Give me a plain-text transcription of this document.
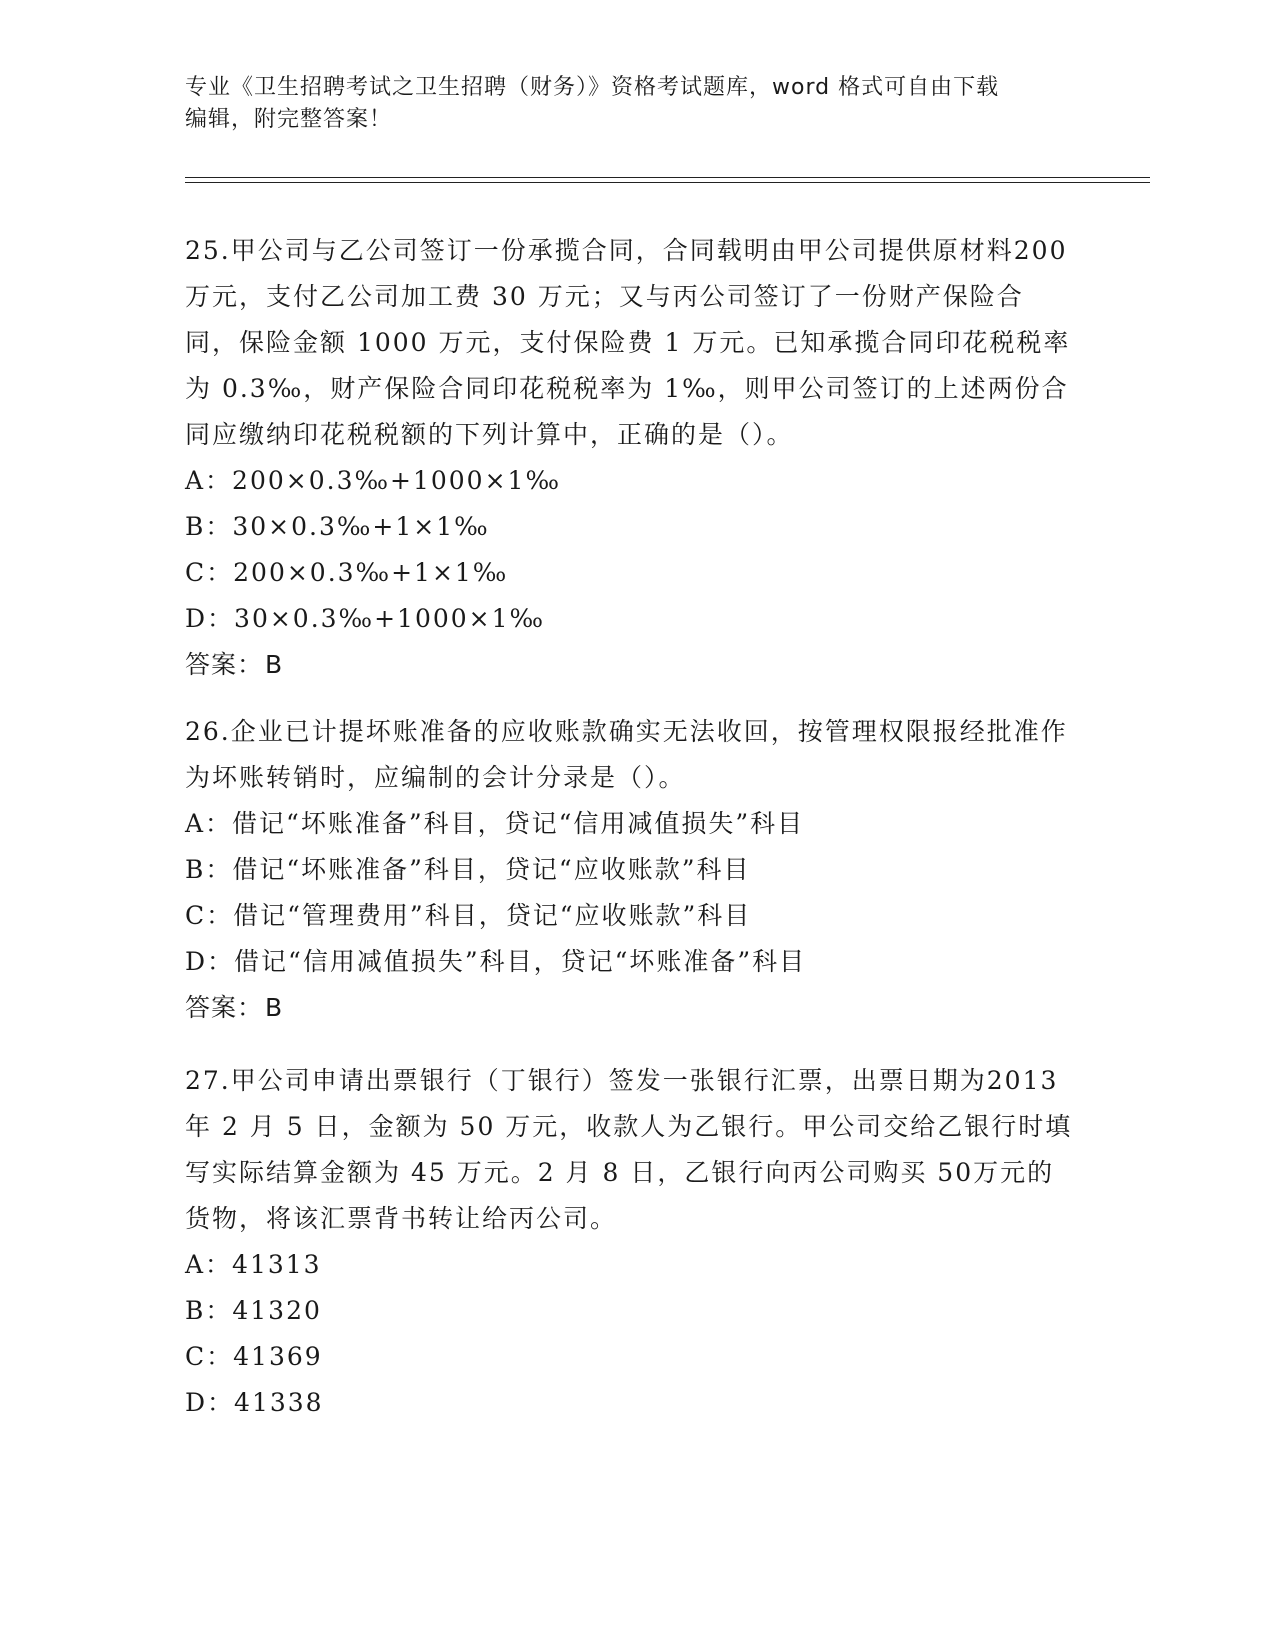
专业《卫生招聘考试之卫生招聘（财务）》资格考试题库，word 格式可自由下载
编辑，附完整答案！
25.甲公司与乙公司签订一份承揽合同，合同载明由甲公司提供原材料200 万元，支付乙公司加工费 30 万元；又与丙公司签订了一份财产保险合同，保险金额 1000 万元，支付保险费 1 万元。已知承揽合同印花税税率为 0.3‰，财产保险合同印花税税率为 1‰，则甲公司签订的上述两份合同应缴纳印花税税额的下列计算中，正确的是（）。
A：200×0.3‰+1000×1‰
B：30×0.3‰+1×1‰
C：200×0.3‰+1×1‰
D：30×0.3‰+1000×1‰
答案：B
26.企业已计提坏账准备的应收账款确实无法收回，按管理权限报经批准作为坏账转销时，应编制的会计分录是（）。
A：借记“坏账准备”科目，贷记“信用减值损失”科目
B：借记“坏账准备”科目，贷记“应收账款”科目
C：借记“管理费用”科目，贷记“应收账款”科目
D：借记“信用减值损失”科目，贷记“坏账准备”科目
答案：B
27.甲公司申请出票银行（丁银行）签发一张银行汇票，出票日期为2013 年 2 月 5 日，金额为 50 万元，收款人为乙银行。甲公司交给乙银行时填写实际结算金额为 45 万元。2 月 8 日，乙银行向丙公司购买 50万元的货物，将该汇票背书转让给丙公司。
A：41313
B：41320
C：41369
D：41338
